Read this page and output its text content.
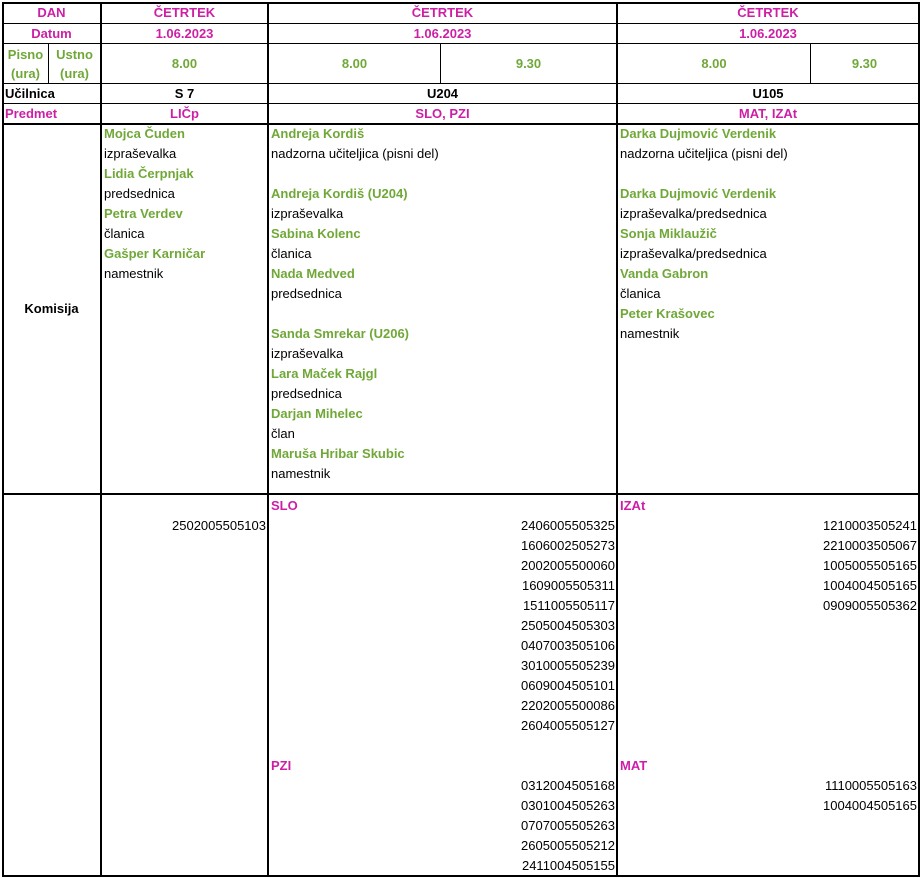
DAN
Datum
Pisno (ura)
Ustno (ura)
Učilnica
Predmet
Komisija
ČETRTEK
1.06.2023
8.00
S 7
LIČp
ČETRTEK
1.06.2023
8.00	9.30
U204
SLO, PZI
ČETRTEK
1.06.2023
8.00	9.30
U105
MAT, IZAt
Mojca Čuden
izpraševalka
Lidia Čerpnjak
predsednica
Petra Verdev
članica
Gašper Karničar
namestnik
Andreja Kordiš
nadzorna učiteljica (pisni del)
Andreja Kordiš (U204)
izpraševalka
Sabina Kolenc
članica
Nada Medved
predsednica
Sanda Smrekar (U206)
izpraševalka
Lara Maček Rajgl
predsednica
Darjan Mihelec
član
Maruša Hribar Skubic
namestnik
Darka Dujmović Verdenik
nadzorna učiteljica (pisni del)
Darka Dujmović Verdenik
izpraševalka/predsednica
Sonja Miklaužič
izpraševalka/predsednica
Vanda Gabron
članica
Peter Krašovec
namestnik
2502005505103
SLO
2406005505325
1606002505273
2002005500060
1609005505311
1511005505117
2505004505303
0407003505106
3010005505239
0609004505101
2202005500086
2604005505127
PZI
0312004505168
0301004505263
0707005505263
2605005505212
2411004505155
IZAt
1210003505241
2210003505067
1005005505165
1004004505165
0909005505362
MAT
1110005505163
1004004505165
